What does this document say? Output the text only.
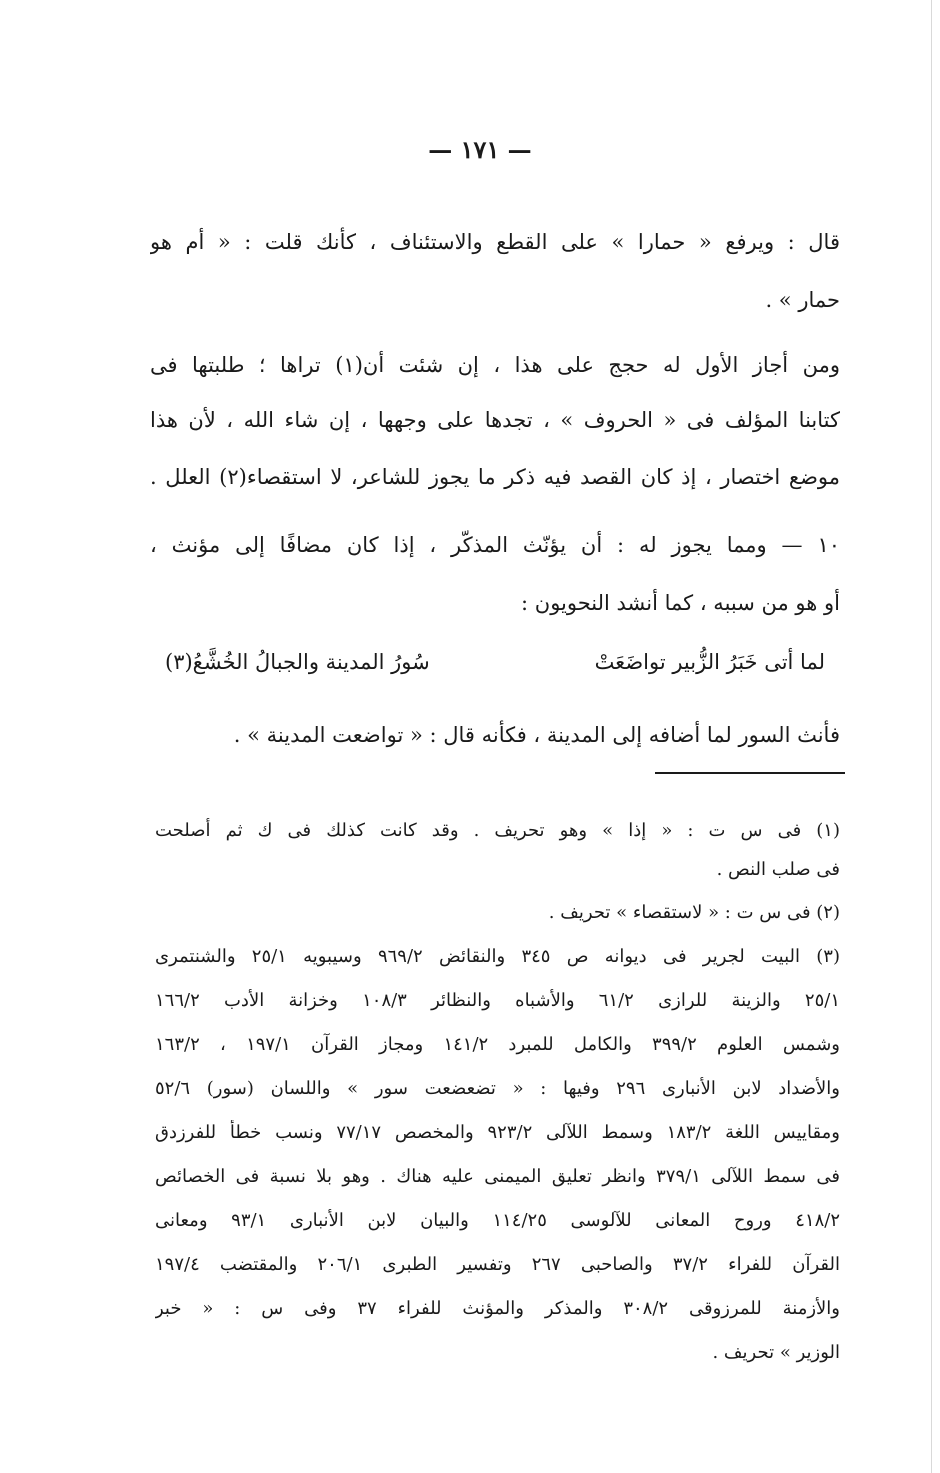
— ١٧١ —
قال : ويرفع « حمارا » على القطع والاستئناف ، كأنك قلت : « أم هو
حمار » .
ومن أجاز الأول له حجج على هذا ، إن شئت أن(١) تراها ؛ طلبتها فى
كتابنا المؤلف فى « الحروف » ، تجدها على وجهها ، إن شاء الله ، لأن هذا
موضع اختصار ، إذ كان القصد فيه ذكر ما يجوز للشاعر، لا استقصاء(٢) العلل .
١٠ — ومما يجوز له : أن يؤنّث المذكّر ، إذا كان مضافًا إلى مؤنث ،
أو هو من سببه ، كما أنشد النحويون :
لما أتى خَبَرُ الزُّبير تواضَعَتْ
سُورُ المدينة والجبالُ الخُشَّعُ(٣)
فأنث السور لما أضافه إلى المدينة ، فكأنه قال : « تواضعت المدينة » .
(١) فى س ت : « إذا » وهو تحريف . وقد كانت كذلك فى ك ثم أصلحت
فى صلب النص .
(٢) فى س ت : « لاستقصاء » تحريف .
(٣) البيت لجرير فى ديوانه ص ٣٤٥ والنقائض ٩٦٩/٢ وسيبويه ٢٥/١ والشنتمرى
٢٥/١ والزينة للرازى ٦١/٢ والأشباه والنظائر ١٠٨/٣ وخزانة الأدب ١٦٦/٢
وشمس العلوم ٣٩٩/٢ والكامل للمبرد ١٤١/٢ ومجاز القرآن ١٩٧/١ ، ١٦٣/٢
والأضداد لابن الأنبارى ٢٩٦ وفيها : « تضعضعت سور » واللسان (سور) ٥٢/٦
ومقاييس اللغة ١٨٣/٢ وسمط اللآلى ٩٢٣/٢ والمخصص ٧٧/١٧ ونسب خطأ للفرزدق
فى سمط اللآلى ٣٧٩/١ وانظر تعليق الميمنى عليه هناك . وهو بلا نسبة فى الخصائص
٤١٨/٢ وروح المعانى للآلوسى ١١٤/٢٥ والبيان لابن الأنبارى ٩٣/١ ومعانى
القرآن للفراء ٣٧/٢ والصاحبى ٢٦٧ وتفسير الطبرى ٢٠٦/١ والمقتضب ١٩٧/٤
والأزمنة للمرزوقى ٣٠٨/٢ والمذكر والمؤنث للفراء ٣٧ وفى س : « خبر
الوزير » تحريف .
